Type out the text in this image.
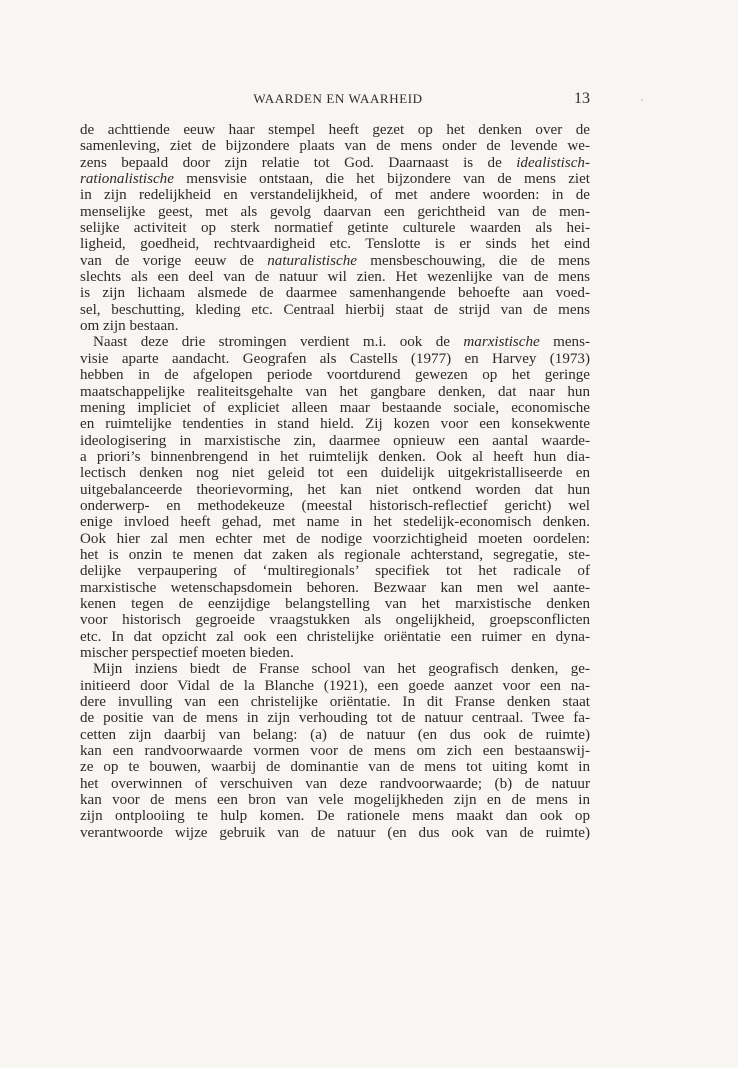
WAARDEN EN WAARHEID	13
de achttiende eeuw haar stempel heeft gezet op het denken over de
samenleving, ziet de bijzondere plaats van de mens onder de levende we-
zens bepaald door zijn relatie tot God. Daarnaast is de idealistisch-
rationalistische mensvisie ontstaan, die het bijzondere van de mens ziet
in zijn redelijkheid en verstandelijkheid, of met andere woorden: in de
menselijke geest, met als gevolg daarvan een gerichtheid van de men-
selijke activiteit op sterk normatief getinte culturele waarden als hei-
ligheid, goedheid, rechtvaardigheid etc. Tenslotte is er sinds het eind
van de vorige eeuw de naturalistische mensbeschouwing, die de mens
slechts als een deel van de natuur wil zien. Het wezenlijke van de mens
is zijn lichaam alsmede de daarmee samenhangende behoefte aan voed-
sel, beschutting, kleding etc. Centraal hierbij staat de strijd van de mens
om zijn bestaan.
Naast deze drie stromingen verdient m.i. ook de marxistische mens-
visie aparte aandacht. Geografen als Castells (1977) en Harvey (1973)
hebben in de afgelopen periode voortdurend gewezen op het geringe
maatschappelijke realiteitsgehalte van het gangbare denken, dat naar hun
mening impliciet of expliciet alleen maar bestaande sociale, economische
en ruimtelijke tendenties in stand hield. Zij kozen voor een konsekwente
ideologisering in marxistische zin, daarmee opnieuw een aantal waarde-
a priori’s binnenbrengend in het ruimtelijk denken. Ook al heeft hun dia-
lectisch denken nog niet geleid tot een duidelijk uitgekristalliseerde en
uitgebalanceerde theorievorming, het kan niet ontkend worden dat hun
onderwerp- en methodekeuze (meestal historisch-reflectief gericht) wel
enige invloed heeft gehad, met name in het stedelijk-economisch denken.
Ook hier zal men echter met de nodige voorzichtigheid moeten oordelen:
het is onzin te menen dat zaken als regionale achterstand, segregatie, ste-
delijke verpaupering of ‘multiregionals’ specifiek tot het radicale of
marxistische wetenschapsdomein behoren. Bezwaar kan men wel aante-
kenen tegen de eenzijdige belangstelling van het marxistische denken
voor historisch gegroeide vraagstukken als ongelijkheid, groepsconflicten
etc. In dat opzicht zal ook een christelijke oriëntatie een ruimer en dyna-
mischer perspectief moeten bieden.
Mijn inziens biedt de Franse school van het geografisch denken, ge-
initieerd door Vidal de la Blanche (1921), een goede aanzet voor een na-
dere invulling van een christelijke oriëntatie. In dit Franse denken staat
de positie van de mens in zijn verhouding tot de natuur centraal. Twee fa-
cetten zijn daarbij van belang: (a) de natuur (en dus ook de ruimte)
kan een randvoorwaarde vormen voor de mens om zich een bestaanswij-
ze op te bouwen, waarbij de dominantie van de mens tot uiting komt in
het overwinnen of verschuiven van deze randvoorwaarde; (b) de natuur
kan voor de mens een bron van vele mogelijkheden zijn en de mens in
zijn ontplooiing te hulp komen. De rationele mens maakt dan ook op
verantwoorde wijze gebruik van de natuur (en dus ook van de ruimte)
